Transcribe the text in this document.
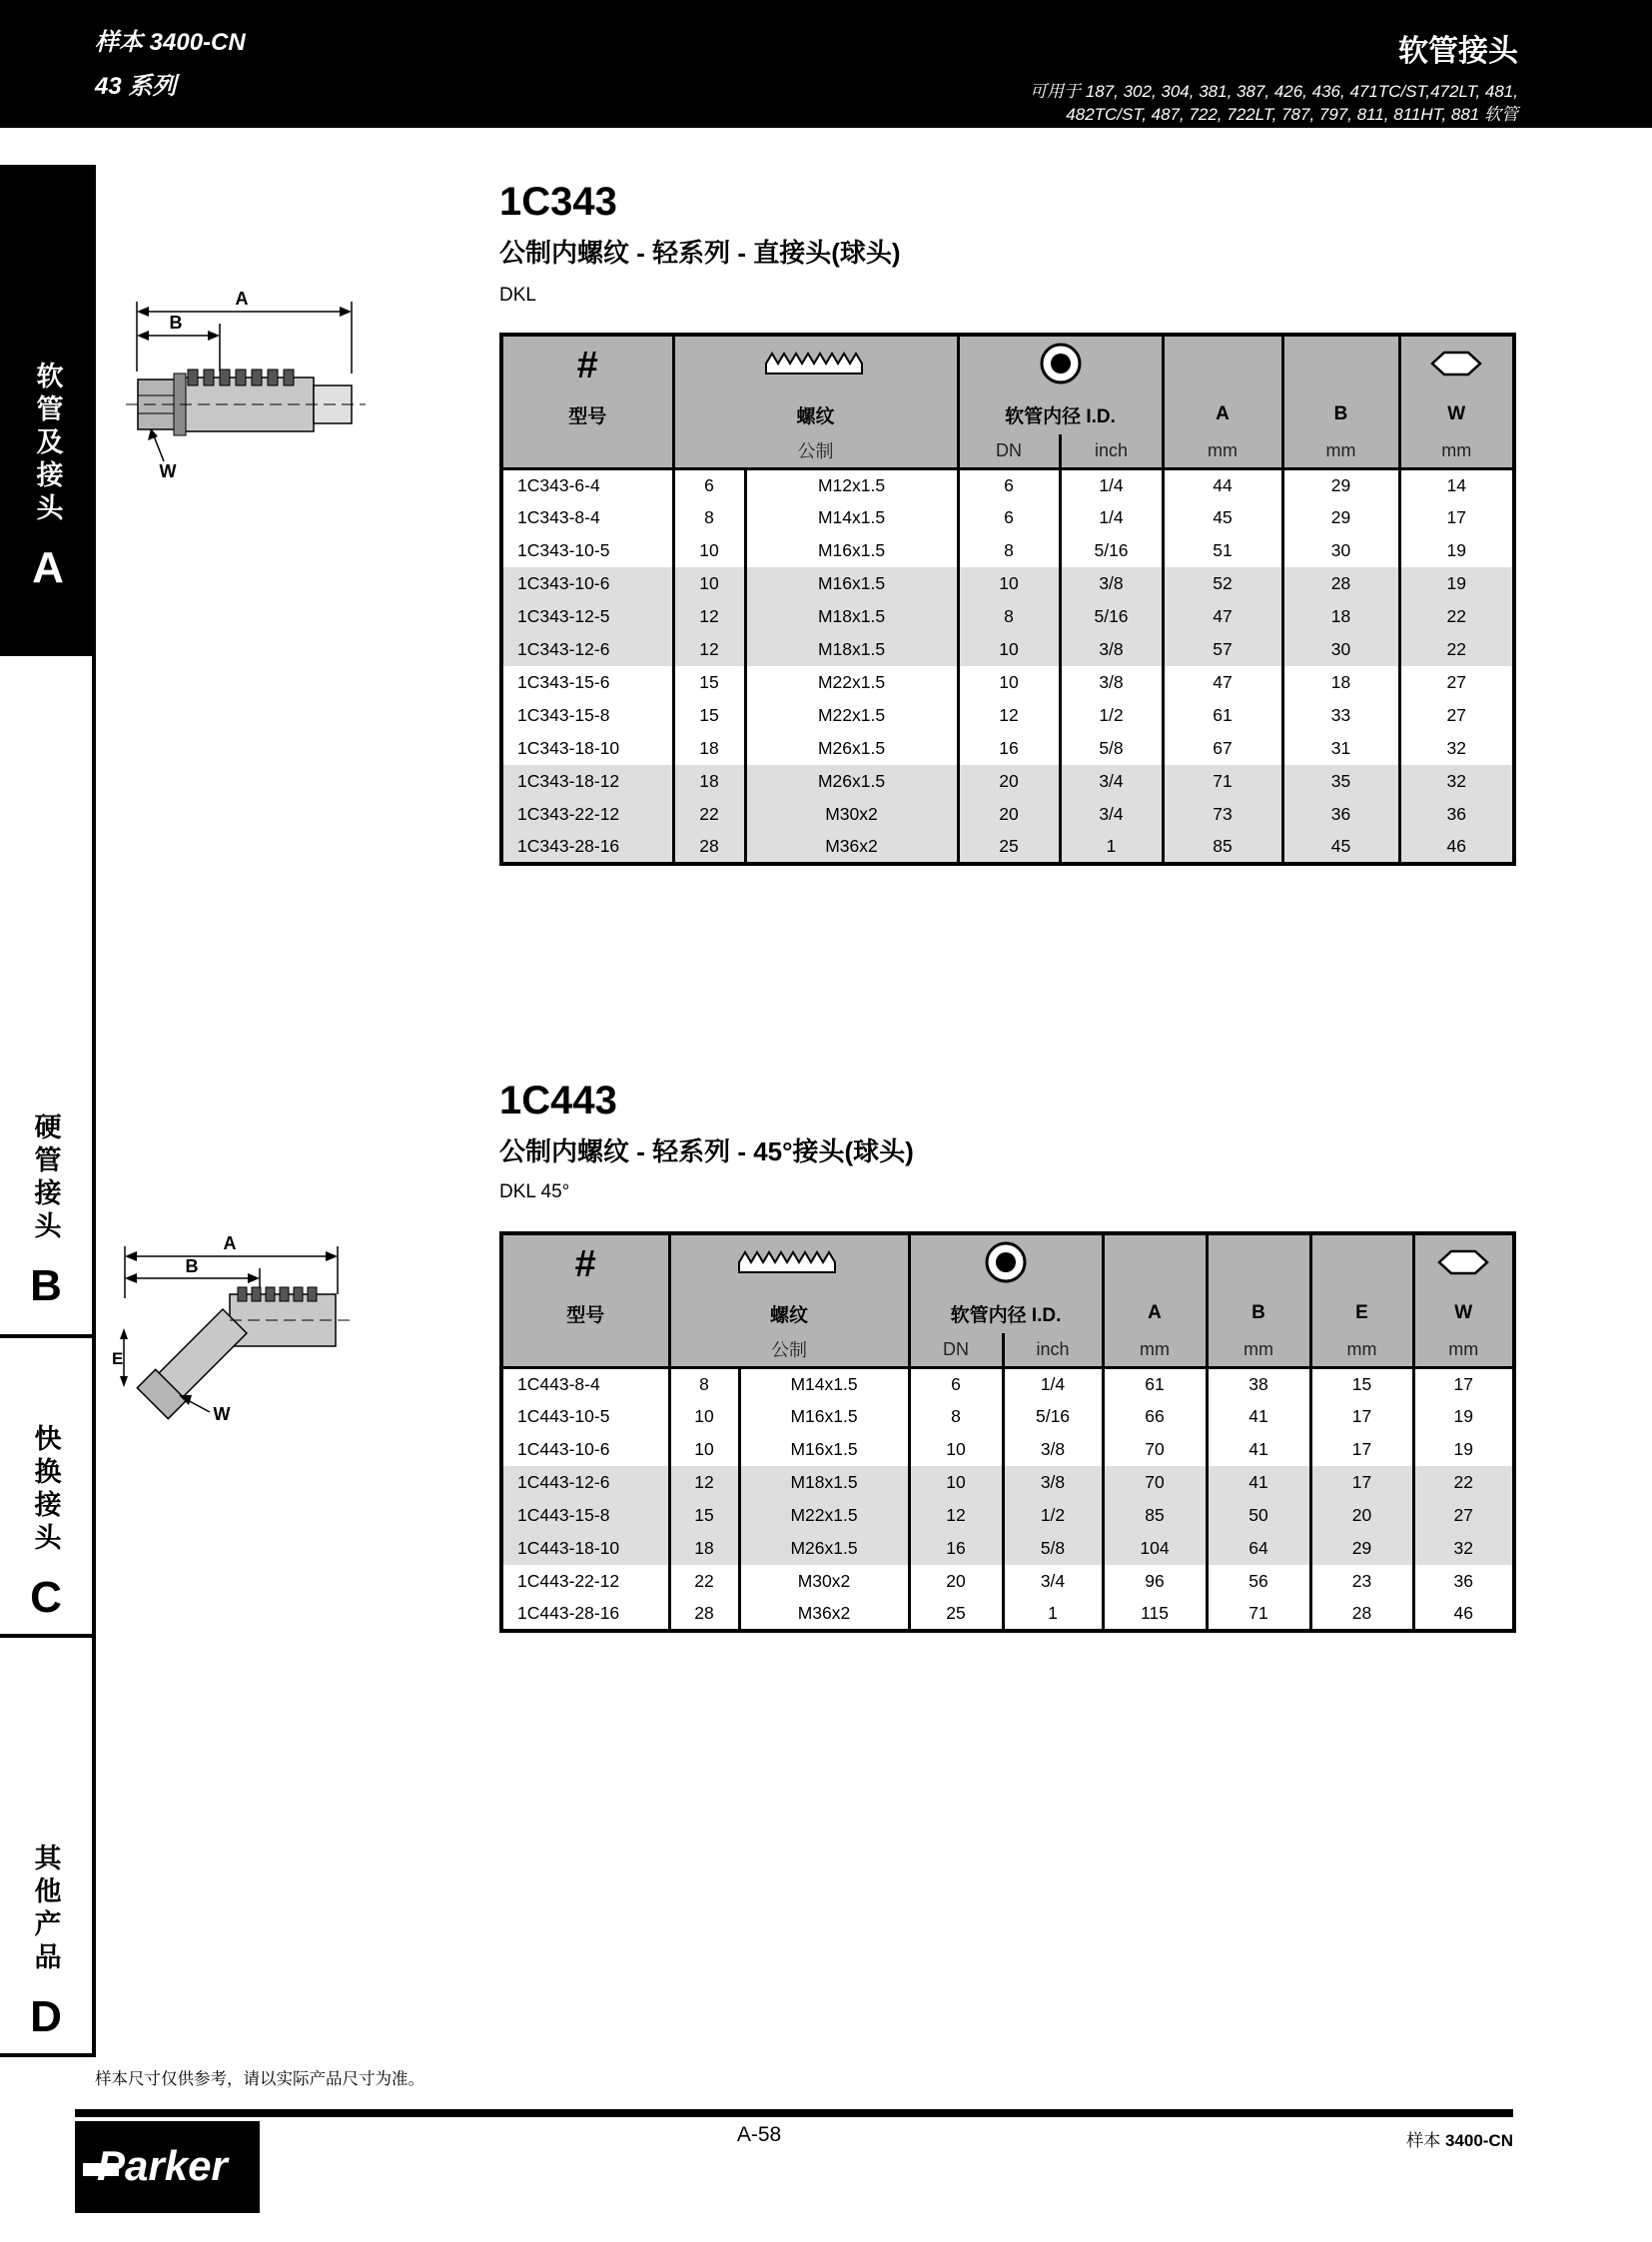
样本 3400-CN
43 系列
软管接头
可用于 187, 302, 304, 381, 387, 426, 436, 471TC/ST,472LT, 481,
482TC/ST, 487, 722, 722LT, 787, 797, 811, 811HT, 881 软管
软管及接头
A
硬管接头
B
快换接头
C
其他产品
D
1C343
公制内螺纹 - 轻系列 - 直接头(球头)
DKL
A
B
W
#					
型号	螺纹		软管内径 I.D.		A	B	W
	公制		DN	inch	mm	mm	mm
1C343-6-4	6	M12x1.5	6	1/4	44	29	14
1C343-8-4	8	M14x1.5	6	1/4	45	29	17
1C343-10-5	10	M16x1.5	8	5/16	51	30	19
1C343-10-6	10	M16x1.5	10	3/8	52	28	19
1C343-12-5	12	M18x1.5	8	5/16	47	18	22
1C343-12-6	12	M18x1.5	10	3/8	57	30	22
1C343-15-6	15	M22x1.5	10	3/8	47	18	27
1C343-15-8	15	M22x1.5	12	1/2	61	33	27
1C343-18-10	18	M26x1.5	16	5/8	67	31	32
1C343-18-12	18	M26x1.5	20	3/4	71	35	32
1C343-22-12	22	M30x2	20	3/4	73	36	36
1C343-28-16	28	M36x2	25	1	85	45	46
1C443
公制内螺纹 - 轻系列 - 45°接头(球头)
DKL 45°
A
B
E
W
#						
型号	螺纹		软管内径 I.D.		A	B	E	W
	公制		DN	inch	mm	mm	mm	mm
1C443-8-4	8	M14x1.5	6	1/4	61	38	15	17
1C443-10-5	10	M16x1.5	8	5/16	66	41	17	19
1C443-10-6	10	M16x1.5	10	3/8	70	41	17	19
1C443-12-6	12	M18x1.5	10	3/8	70	41	17	22
1C443-15-8	15	M22x1.5	12	1/2	85	50	20	27
1C443-18-10	18	M26x1.5	16	5/8	104	64	29	32
1C443-22-12	22	M30x2	20	3/4	96	56	23	36
1C443-28-16	28	M36x2	25	1	115	71	28	46
样本尺寸仅供参考，请以实际产品尺寸为准。
A-58	样本 3400-CN
Parker
